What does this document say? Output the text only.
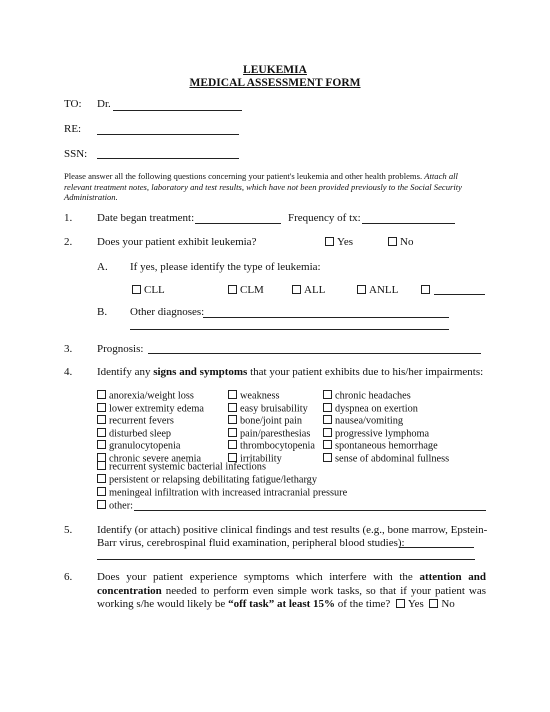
LEUKEMIA
MEDICAL ASSESSMENT FORM
TO: Dr.
RE:
SSN:
Please answer all the following questions concerning your patient's leukemia and other health problems. Attach all relevant treatment notes, laboratory and test results, which have not been provided previously to the Social Security Administration.
1. Date began treatment:	Frequency of tx:
2. Does your patient exhibit leukemia?	Yes	No
A. If yes, please identify the type of leukemia:
CLL	CLM	ALL	ANLL
B. Other diagnoses:
3. Prognosis:
4. Identify any signs and symptoms that your patient exhibits due to his/her impairments:
anorexia/weight loss
lower extremity edema
recurrent fevers
disturbed sleep
granulocytopenia
chronic severe anemia
weakness
easy bruisability
bone/joint pain
pain/paresthesias
thrombocytopenia
irritability
chronic headaches
dyspnea on exertion
nausea/vomiting
progressive lymphoma
spontaneous hemorrhage
sense of abdominal fullness
recurrent systemic bacterial infections
persistent or relapsing debilitating fatigue/lethargy
meningeal infiltration with increased intracranial pressure
other:
5. Identify (or attach) positive clinical findings and test results (e.g., bone marrow, Epstein-
Barr virus, cerebrospinal fluid examination, peripheral blood studies):
6. Does your patient experience symptoms which interfere with the attention and concentration needed to perform even simple work tasks, so that if your patient was working s/he would likely be “off task” at least 15% of the time? Yes No
